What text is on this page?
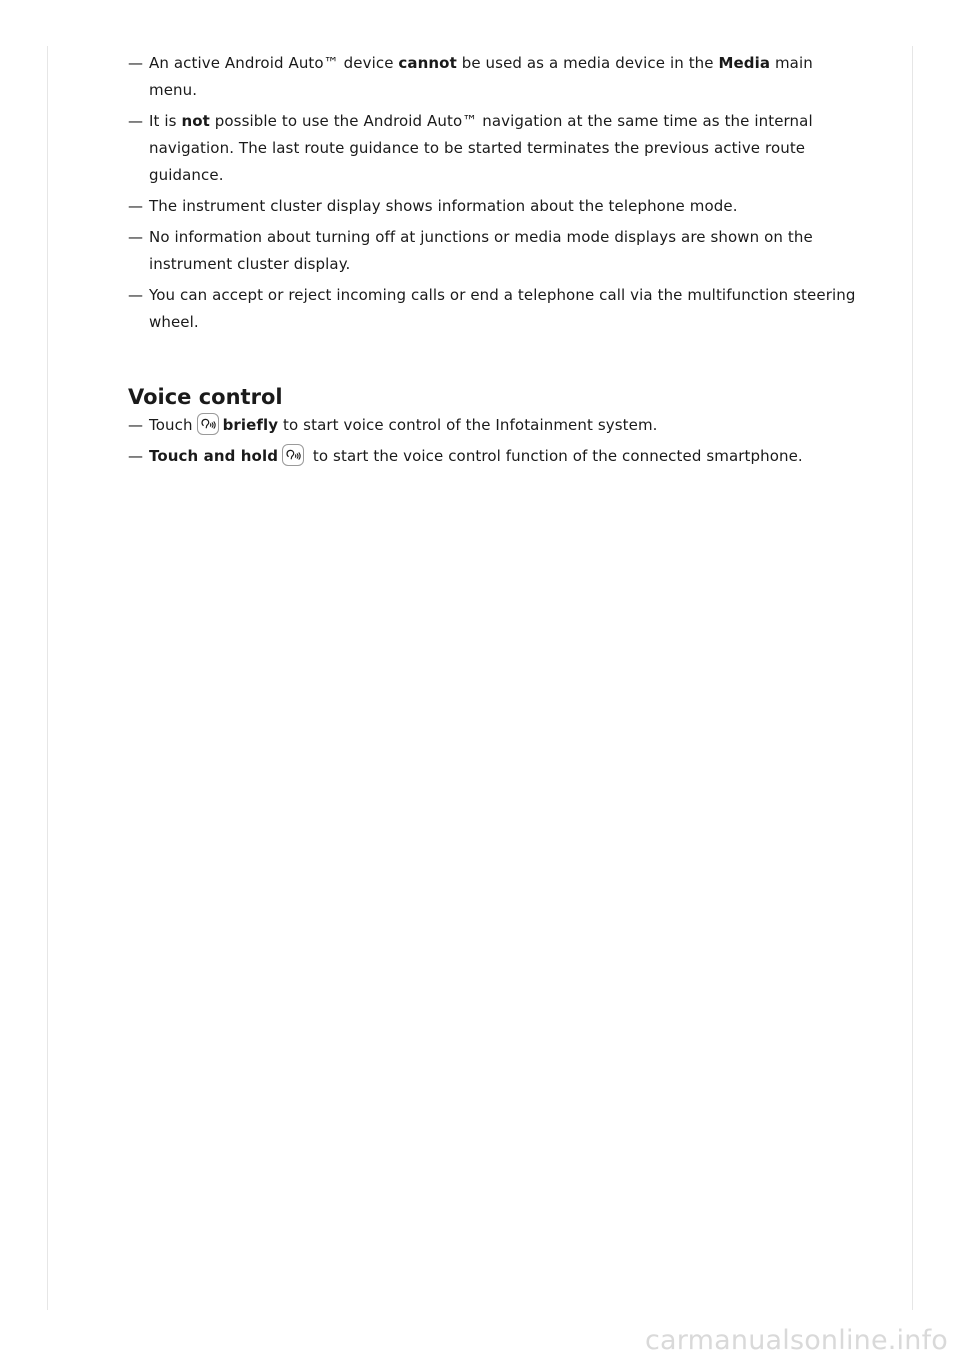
— An active Android Auto™ device cannot be used as a media device in the Media main menu.
— It is not possible to use the Android Auto™ navigation at the same time as the internal navigation. The last route guidance to be started terminates the previous active route guidance.
— The instrument cluster display shows information about the telephone mode.
— No information about turning off at junctions or media mode displays are shown on the instrument cluster display.
— You can accept or reject incoming calls or end a telephone call via the multifunction steering wheel.
Voice control
— Touch briefly to start voice control of the Infotainment system.
— Touch and hold
to start the voice control function of the connected smartphone.
carmanualsonline.info
